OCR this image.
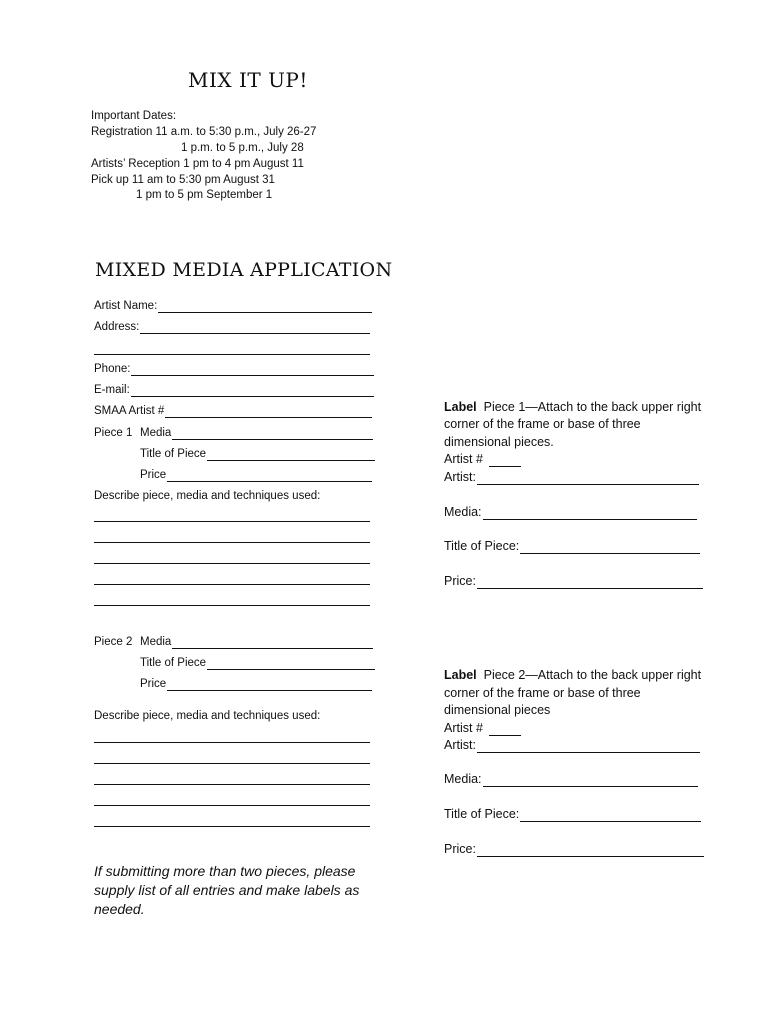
MIX IT UP!
Important Dates:
Registration 11 a.m. to 5:30 p.m., July 26-27
1 p.m. to 5 p.m., July 28
Artists’ Reception 1 pm to 4 pm August 11
Pick up 11 am to 5:30 pm August 31
1 pm to 5 pm September 1
MIXED MEDIA APPLICATION
Artist Name:
Address:
Phone:
E-mail:
SMAA Artist #
Piece 1 Media
Title of Piece
Price
Describe piece, media and techniques used:
Piece 2 Media
Title of Piece
Price
Describe piece, media and techniques used:
If submitting more than two pieces, please supply list of all entries and make labels as needed.
Label Piece 1—Attach to the back upper right
corner of the frame or base of three
dimensional pieces.
Artist #
Artist:
Media:
Title of Piece:
Price:
Label Piece 2—Attach to the back upper right
corner of the frame or base of three
dimensional pieces
Artist #
Artist:
Media:
Title of Piece:
Price:
